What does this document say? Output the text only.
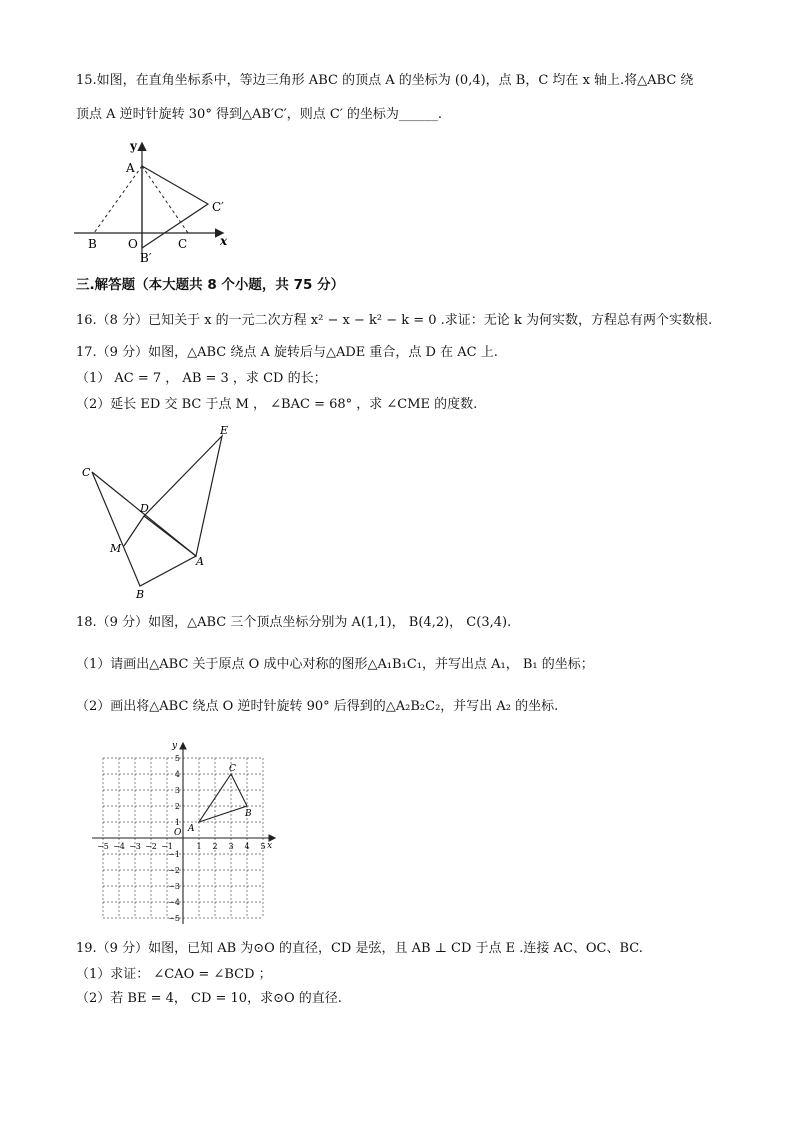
15.如图，在直角坐标系中，等边三角形 ABC 的顶点 A 的坐标为 (0,4)，点 B，C 均在 x 轴上.将△ABC 绕
顶点 A 逆时针旋转 30° 得到△AB′C′，则点 C′ 的坐标为______.
y
x
A
C′
B	O	C
B′
三.解答题（本大题共 8 个小题，共 75 分）
16.（8 分）已知关于 x 的一元二次方程 x² − x − k² − k = 0 .求证：无论 k 为何实数，方程总有两个实数根.
17.（9 分）如图，△ABC 绕点 A 旋转后与△ADE 重合，点 D 在 AC 上.
（1） AC = 7 ， AB = 3 ，求 CD 的长；
（2）延长 ED 交 BC 于点 M ， ∠BAC = 68° ，求 ∠CME 的度数.
E
C
D
M
A
B
18.（9 分）如图，△ABC 三个顶点坐标分别为 A(1,1)， B(4,2)， C(3,4).
（1）请画出△ABC 关于原点 O 成中心对称的图形△A₁B₁C₁，并写出点 A₁， B₁ 的坐标；
（2）画出将△ABC 绕点 O 逆时针旋转 90° 后得到的△A₂B₂C₂，并写出 A₂ 的坐标.
y
x
O A
B
C
−5 −4 −3 −2 −1	1 2 3 4 5
1
2
3
4
5
−1
−2
−3
−4
−5
19.（9 分）如图，已知 AB 为⊙O 的直径，CD 是弦，且 AB ⊥ CD 于点 E .连接 AC、OC、BC.
（1）求证： ∠CAO = ∠BCD ；
（2）若 BE = 4， CD = 10，求⊙O 的直径.
